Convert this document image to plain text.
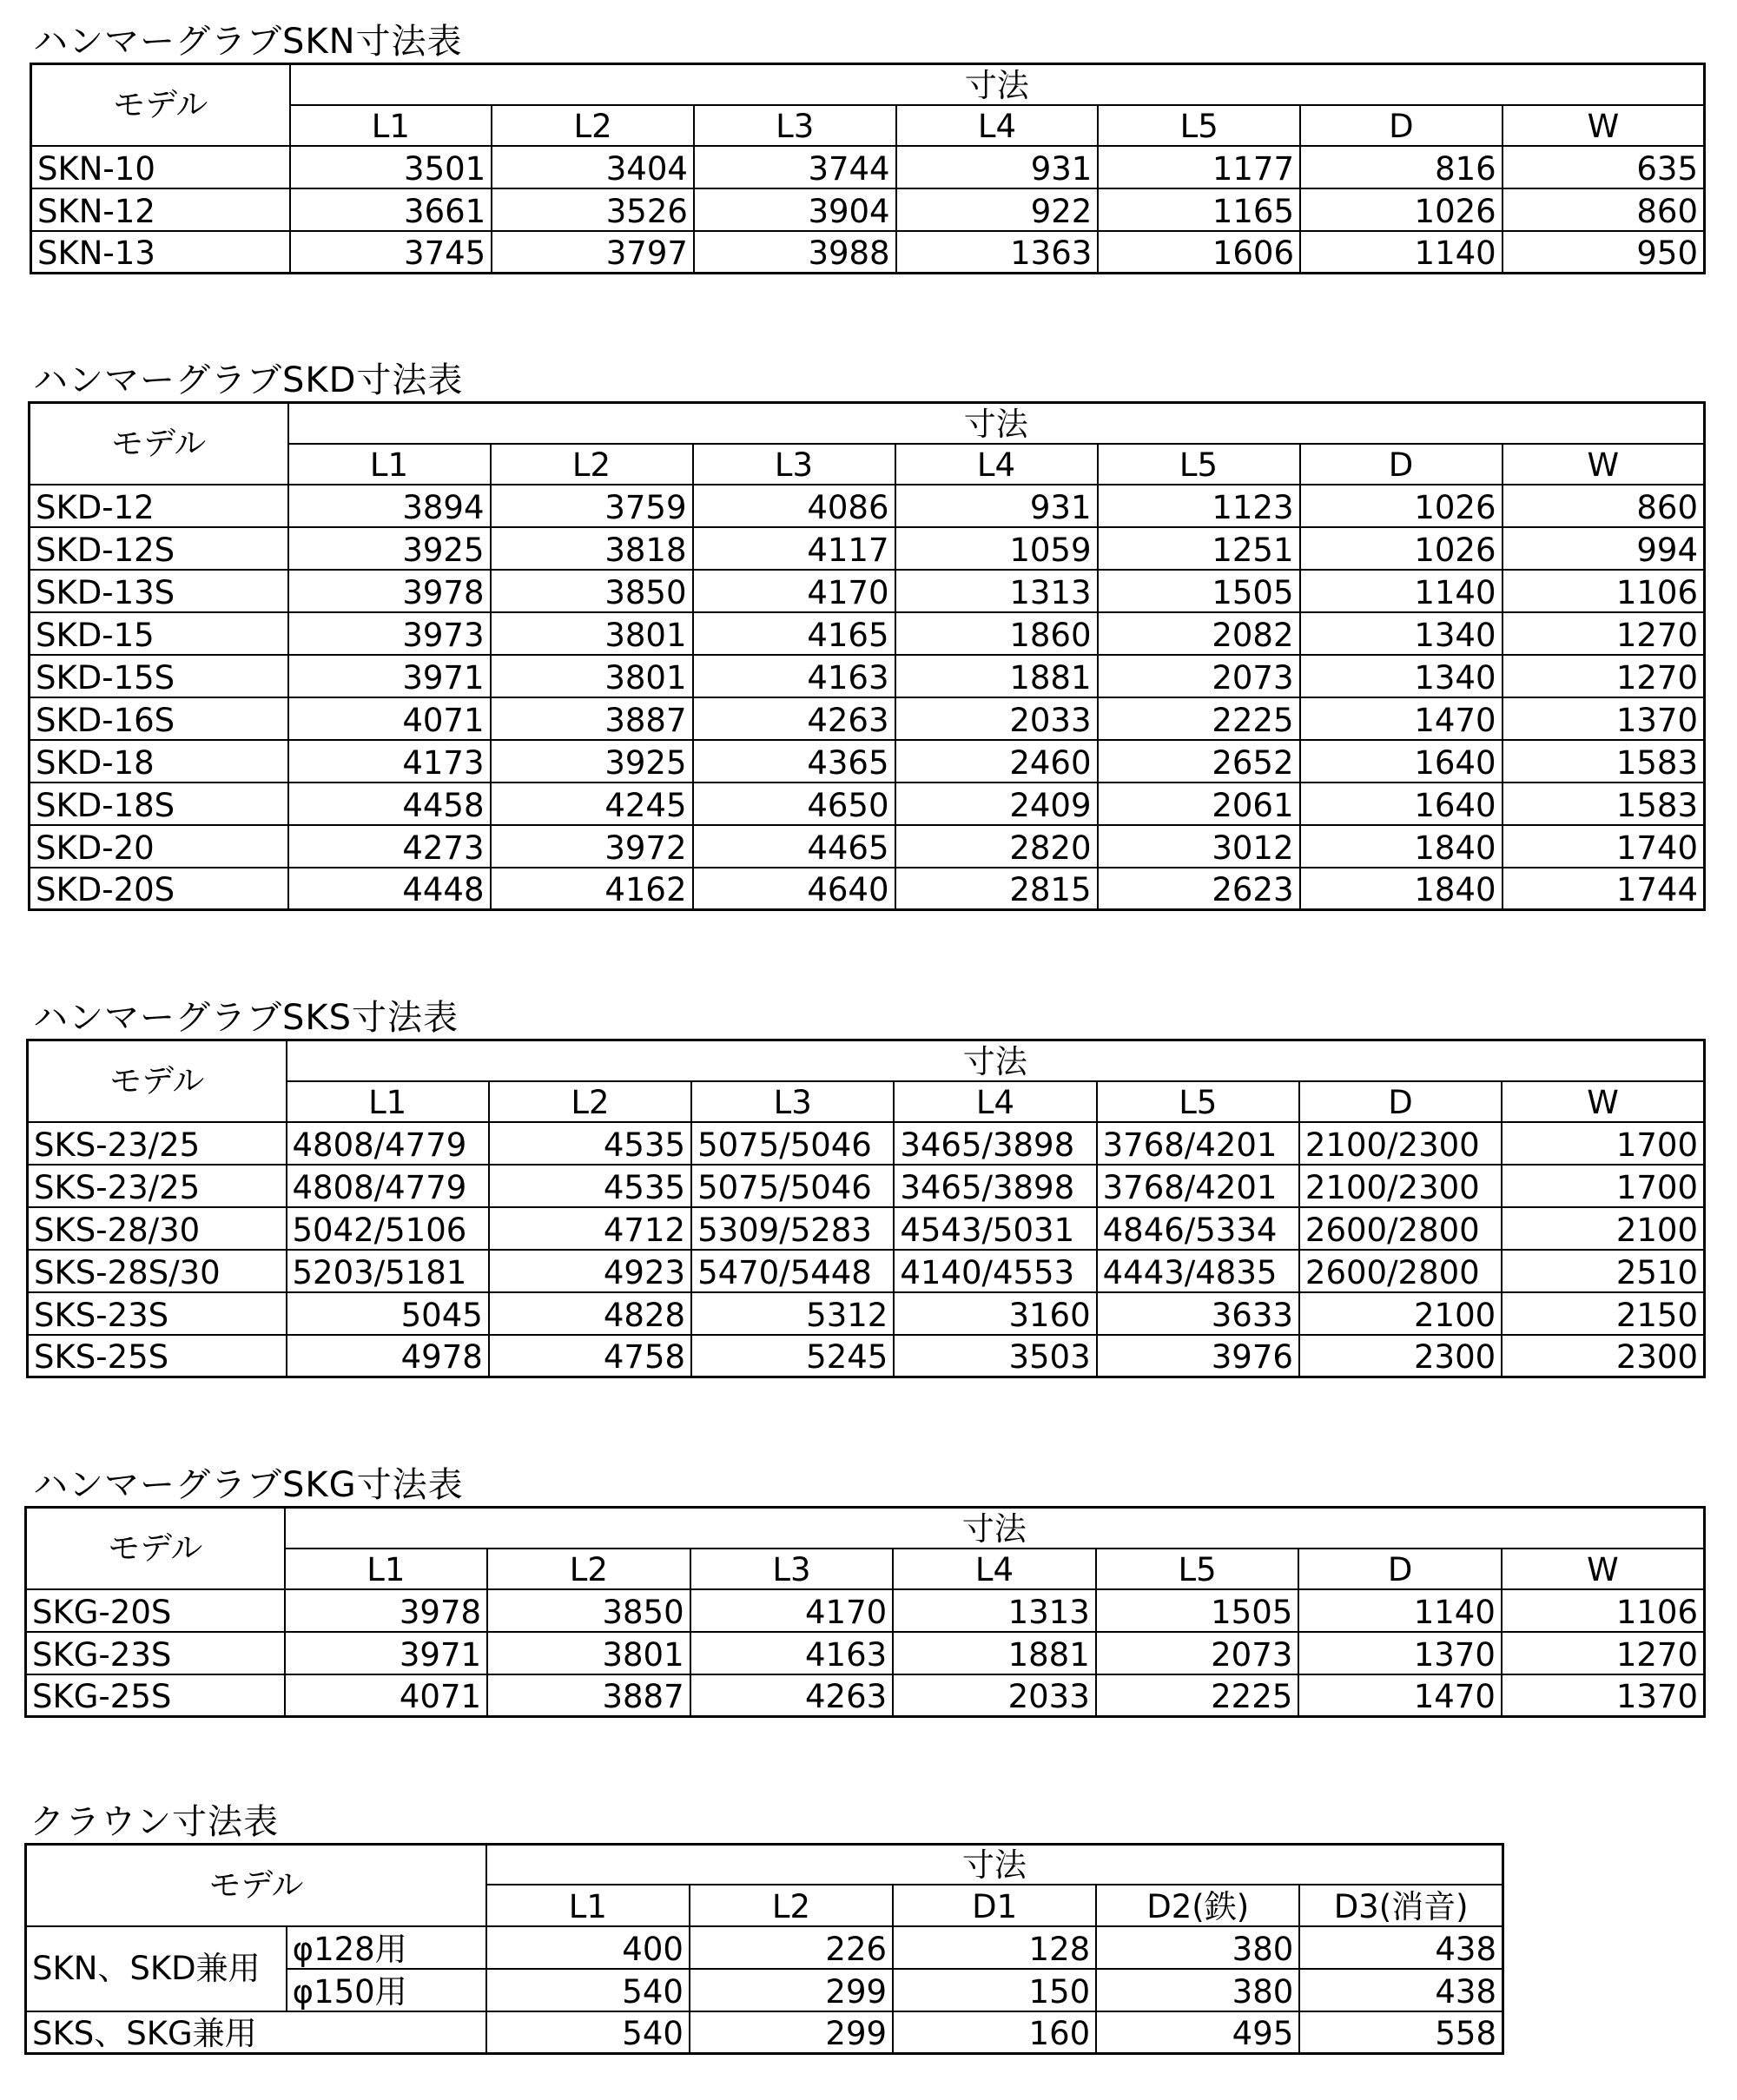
ハンマーグラブSKN寸法表
モデル	寸法						
	L1	L2	L3	L4	L5	D	W
SKN-10	3501	3404	3744	931	1177	816	635
SKN-12	3661	3526	3904	922	1165	1026	860
SKN-13	3745	3797	3988	1363	1606	1140	950
ハンマーグラブSKD寸法表
モデル	寸法						
	L1	L2	L3	L4	L5	D	W
SKD-12	3894	3759	4086	931	1123	1026	860
SKD-12S	3925	3818	4117	1059	1251	1026	994
SKD-13S	3978	3850	4170	1313	1505	1140	1106
SKD-15	3973	3801	4165	1860	2082	1340	1270
SKD-15S	3971	3801	4163	1881	2073	1340	1270
SKD-16S	4071	3887	4263	2033	2225	1470	1370
SKD-18	4173	3925	4365	2460	2652	1640	1583
SKD-18S	4458	4245	4650	2409	2061	1640	1583
SKD-20	4273	3972	4465	2820	3012	1840	1740
SKD-20S	4448	4162	4640	2815	2623	1840	1744
ハンマーグラブSKS寸法表
モデル	寸法						
	L1	L2	L3	L4	L5	D	W
SKS-23/25	4808/4779	4535	5075/5046	3465/3898	3768/4201	2100/2300	1700
SKS-23/25	4808/4779	4535	5075/5046	3465/3898	3768/4201	2100/2300	1700
SKS-28/30	5042/5106	4712	5309/5283	4543/5031	4846/5334	2600/2800	2100
SKS-28S/30	5203/5181	4923	5470/5448	4140/4553	4443/4835	2600/2800	2510
SKS-23S	5045	4828	5312	3160	3633	2100	2150
SKS-25S	4978	4758	5245	3503	3976	2300	2300
ハンマーグラブSKG寸法表
モデル	寸法						
	L1	L2	L3	L4	L5	D	W
SKG-20S	3978	3850	4170	1313	1505	1140	1106
SKG-23S	3971	3801	4163	1881	2073	1370	1270
SKG-25S	4071	3887	4263	2033	2225	1470	1370
クラウン寸法表
モデル		寸法				
		L1	L2	D1	D2(鉄)	D3(消音)
SKN、SKD兼用	φ128用	400	226	128	380	438
	φ150用	540	299	150	380	438
SKS、SKG兼用		540	299	160	495	558
